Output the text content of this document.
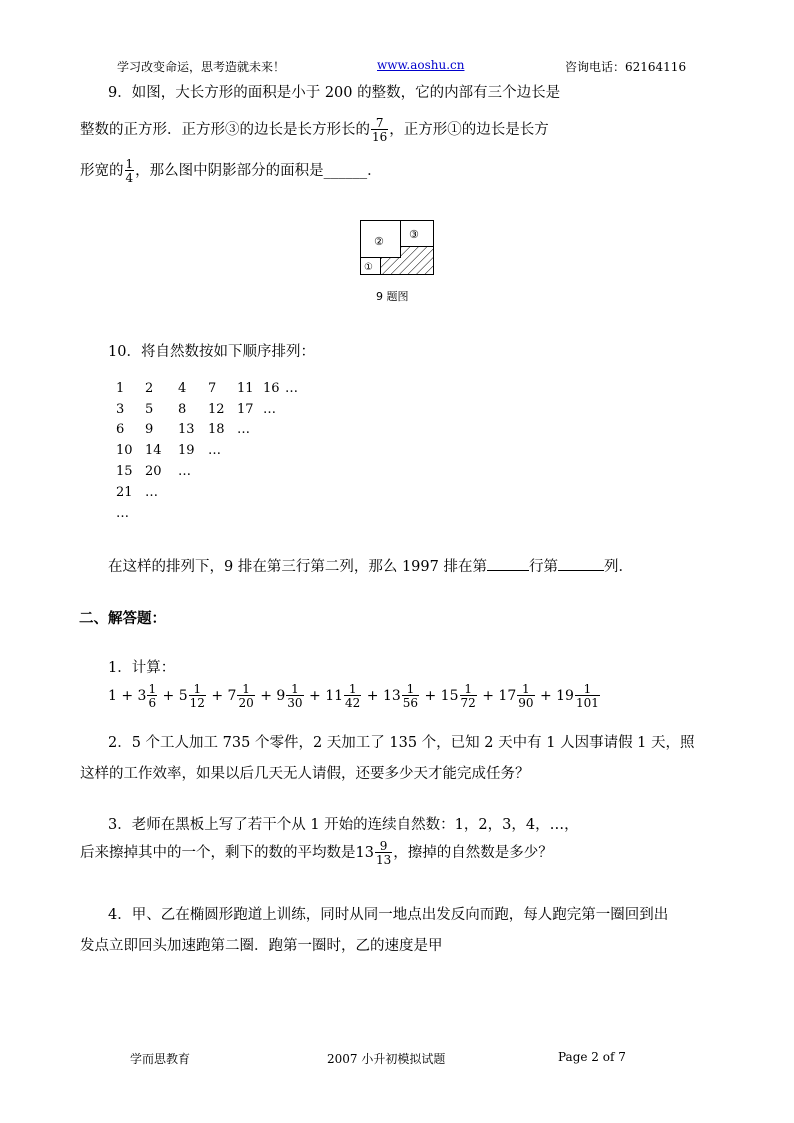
学习改变命运，思考造就未来！	www.aoshu.cn	咨询电话：62164116
9．如图，大长方形的面积是小于 200 的整数，它的内部有三个边长是
整数的正方形．正方形③的边长是长方形长的 $\frac{7}{16}$ ，正方形①的边长是长方
形宽的 $\frac{1}{4}$ ，那么图中阴影部分的面积是______．
②
③
①
9 题图
10．将自然数按如下顺序排列：
1	2	4	7	11	16	…
3	5	8	12	17	…	
6	9	13	18	…		
10	14	19	…			
15	20	…				
21	…					
…						
在这样的排列下，9 排在第三行第二列，那么 1997 排在第	行第	列．
二、解答题：
1．计算：
$1 + 3 \frac{1}{6} + 5 \frac{1}{12} + 7 \frac{1}{20} + 9 \frac{1}{30} + 11 \frac{1}{42} + 13 \frac{1}{56} + 15 \frac{1}{72} + 17 \frac{1}{90} + 19 \frac{1}{101}$
2．5 个工人加工 735 个零件，2 天加工了 135 个，已知 2 天中有 1 人因事请假 1 天，照
这样的工作效率，如果以后几天无人请假，还要多少天才能完成任务？
3．老师在黑板上写了若干个从 1 开始的连续自然数：1，2，3，4，…，
后来擦掉其中的一个，剩下的数的平均数是$13 \frac{9}{13}$ ，擦掉的自然数是多少？
4．甲、乙在椭圆形跑道上训练，同时从同一地点出发反向而跑，每人跑完第一圈回到出
发点立即回头加速跑第二圈．跑第一圈时，乙的速度是甲
学而思教育	2007 小升初模拟试题	Page 2 of 7
